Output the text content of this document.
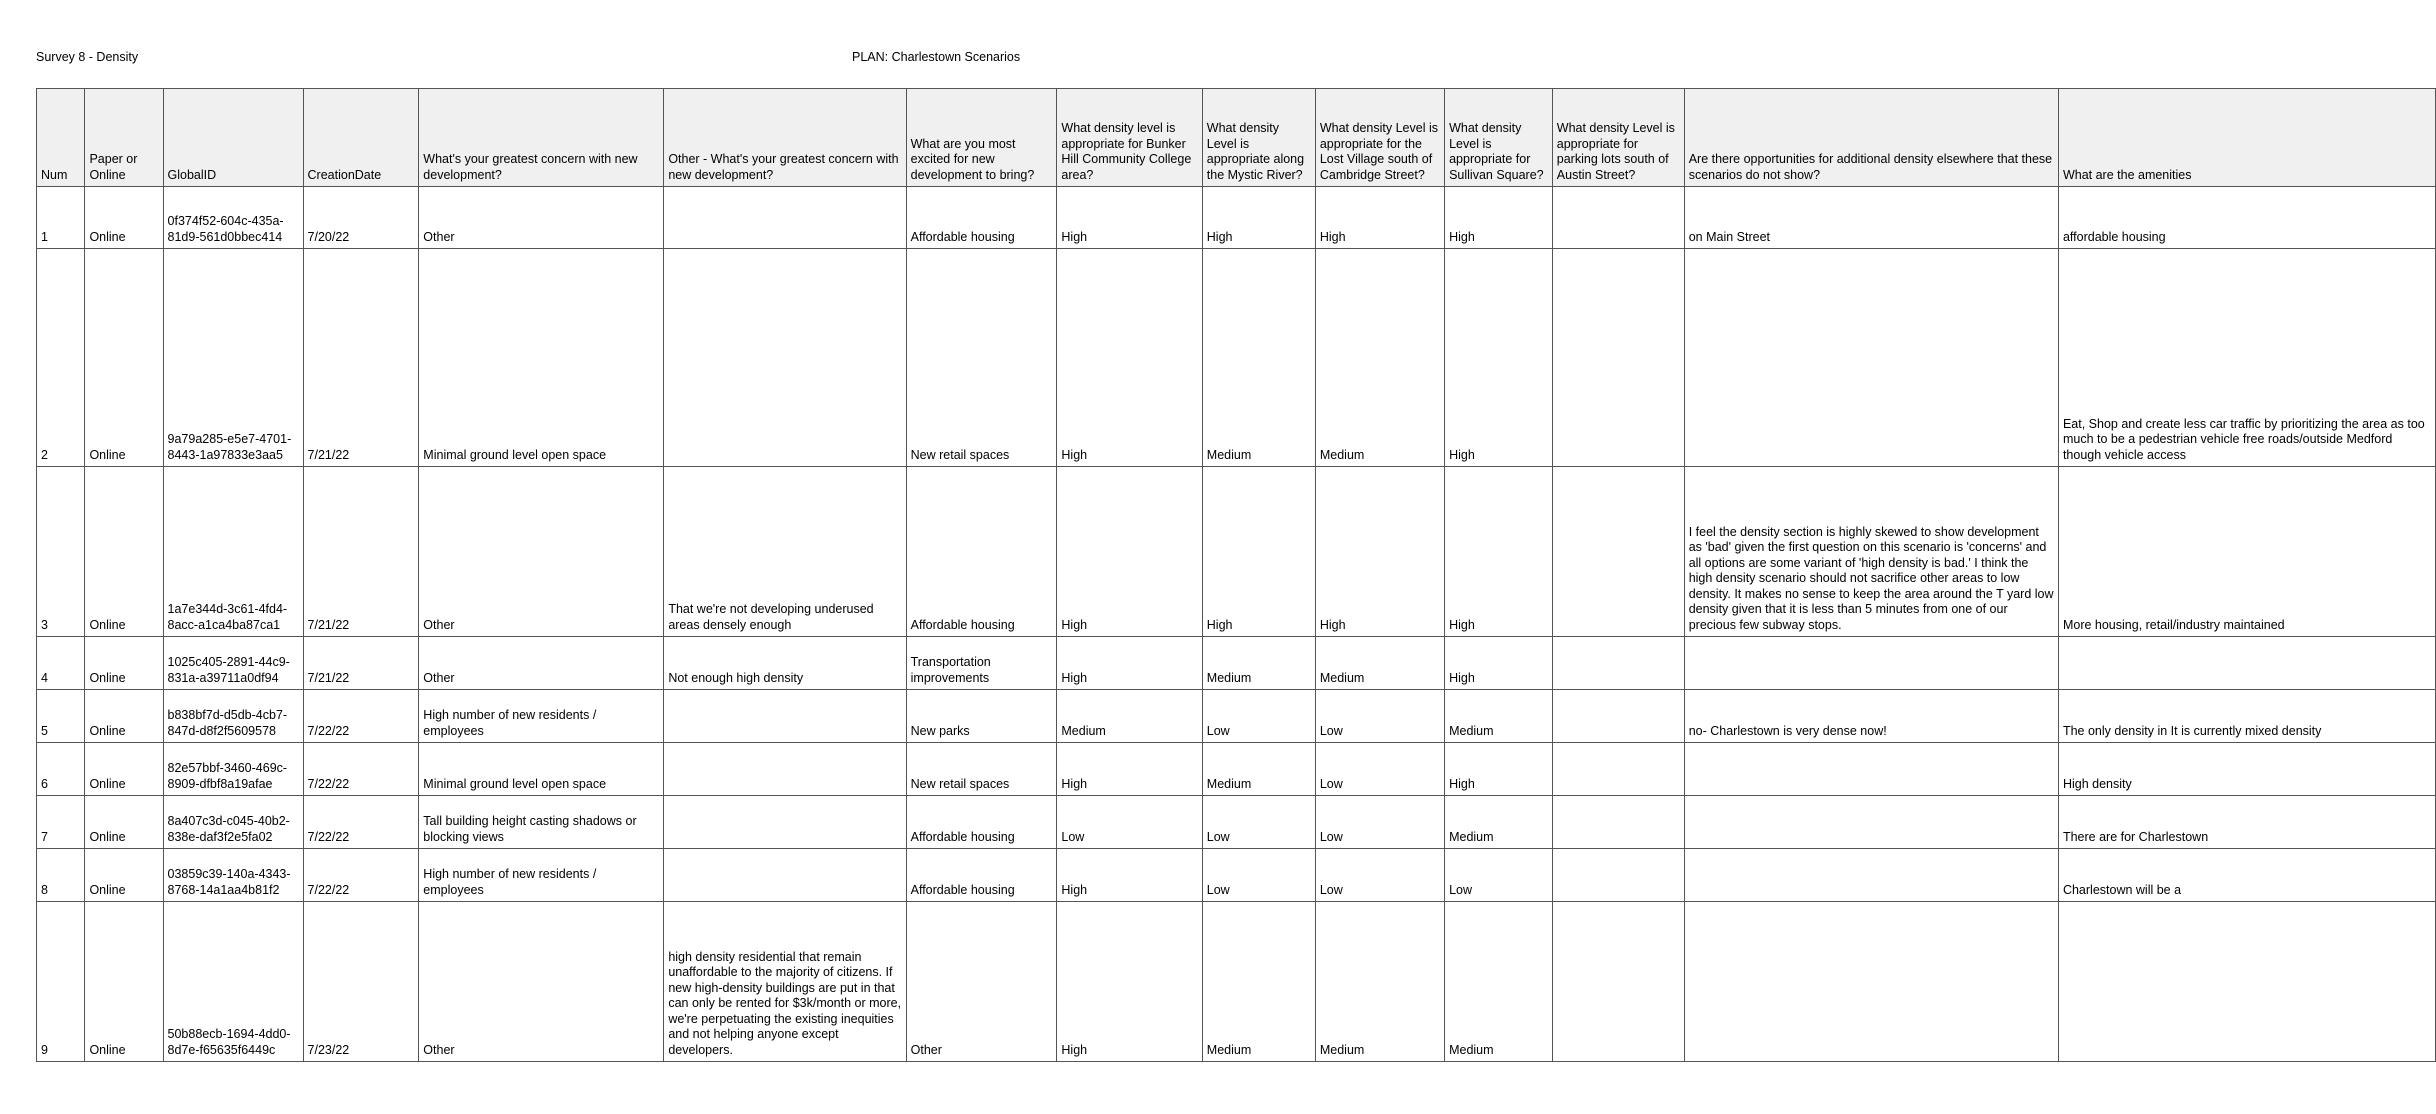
Survey 8 - Density	PLAN: Charlestown Scenarios
Num	Paper or Online	GlobalID	CreationDate	What's your greatest concern with new development?	Other - What's your greatest concern with new development?	What are you most excited for new development to bring?	What density level is appropriate for Bunker Hill Community College area?	What density Level is appropriate along the Mystic River?	What density Level is appropriate for the Lost Village south of Cambridge Street?	What density Level is appropriate for Sullivan Square?	What density Level is appropriate for parking lots south of Austin Street?	Are there opportunities for additional density elsewhere that these scenarios do not show?	What are the amenities
1	Online	0f374f52-604c-435a-81d9-561d0bbec414	7/20/22	Other		Affordable housing	High	High	High	High		on Main Street	affordable housing
2	Online	9a79a285-e5e7-4701-8443-1a97833e3aa5	7/21/22	Minimal ground level open space		New retail spaces	High	Medium	Medium	High			Eat, Shop and create less car traffic by prioritizing the area as too much to be a pedestrian vehicle free roads/outside Medford though vehicle access
3	Online	1a7e344d-3c61-4fd4-8acc-a1ca4ba87ca1	7/21/22	Other	That we're not developing underused areas densely enough	Affordable housing	High	High	High	High		I feel the density section is highly skewed to show development as 'bad' given the first question on this scenario is 'concerns' and all options are some variant of 'high density is bad.' I think the high density scenario should not sacrifice other areas to low density. It makes no sense to keep the area around the T yard low density given that it is less than 5 minutes from one of our precious few subway stops.	More housing, retail/industry maintained
4	Online	1025c405-2891-44c9-831a-a39711a0df94	7/21/22	Other	Not enough high density	Transportation improvements	High	Medium	Medium	High			
5	Online	b838bf7d-d5db-4cb7-847d-d8f2f5609578	7/22/22	High number of new residents / employees		New parks	Medium	Low	Low	Medium		no- Charlestown is very dense now!	The only density in It is currently mixed density
6	Online	82e57bbf-3460-469c-8909-dfbf8a19afae	7/22/22	Minimal ground level open space		New retail spaces	High	Medium	Low	High			High density
7	Online	8a407c3d-c045-40b2-838e-daf3f2e5fa02	7/22/22	Tall building height casting shadows or blocking views		Affordable housing	Low	Low	Low	Medium			There are for Charlestown
8	Online	03859c39-140a-4343-8768-14a1aa4b81f2	7/22/22	High number of new residents / employees		Affordable housing	High	Low	Low	Low			Charlestown will be a
9	Online	50b88ecb-1694-4dd0-8d7e-f65635f6449c	7/23/22	Other	high density residential that remain unaffordable to the majority of citizens. If new high-density buildings are put in that can only be rented for $3k/month or more, we're perpetuating the existing inequities and not helping anyone except developers.	Other	High	Medium	Medium	Medium			
